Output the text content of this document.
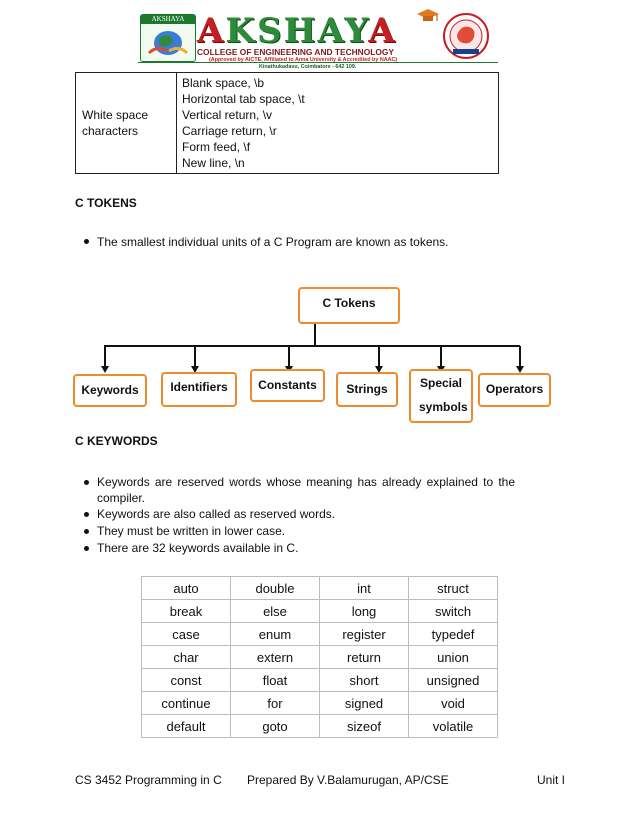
AKSHAYA AKSHAYA
COLLEGE OF ENGINEERING AND TECHNOLOGY
(Approved by AICTE, Affiliated to Anna University & Accredited by NAAC)
Kinathukadavu, Coimbatore - 642 109.
White space characters
Blank space, \b
Horizontal tab space, \t
Vertical return, \v
Carriage return, \r
Form feed, \f
New line, \n
C TOKENS
The smallest individual units of a C Program are known as tokens.
C Tokens
Keywords	Identifiers	Constants	Strings	Special symbols
Operators
C KEYWORDS
Keywords are reserved words whose meaning has already explained to the compiler.
Keywords are also called as reserved words.
They must be written in lower case.
There are 32 keywords available in C.
auto	double	int	struct
break	else	long	switch
case	enum	register	typedef
char	extern	return	union
const	float	short	unsigned
continue	for	signed	void
default	goto	sizeof	volatile
CS 3452 Programming in C Prepared By V.Balamurugan, AP/CSE	Unit I
